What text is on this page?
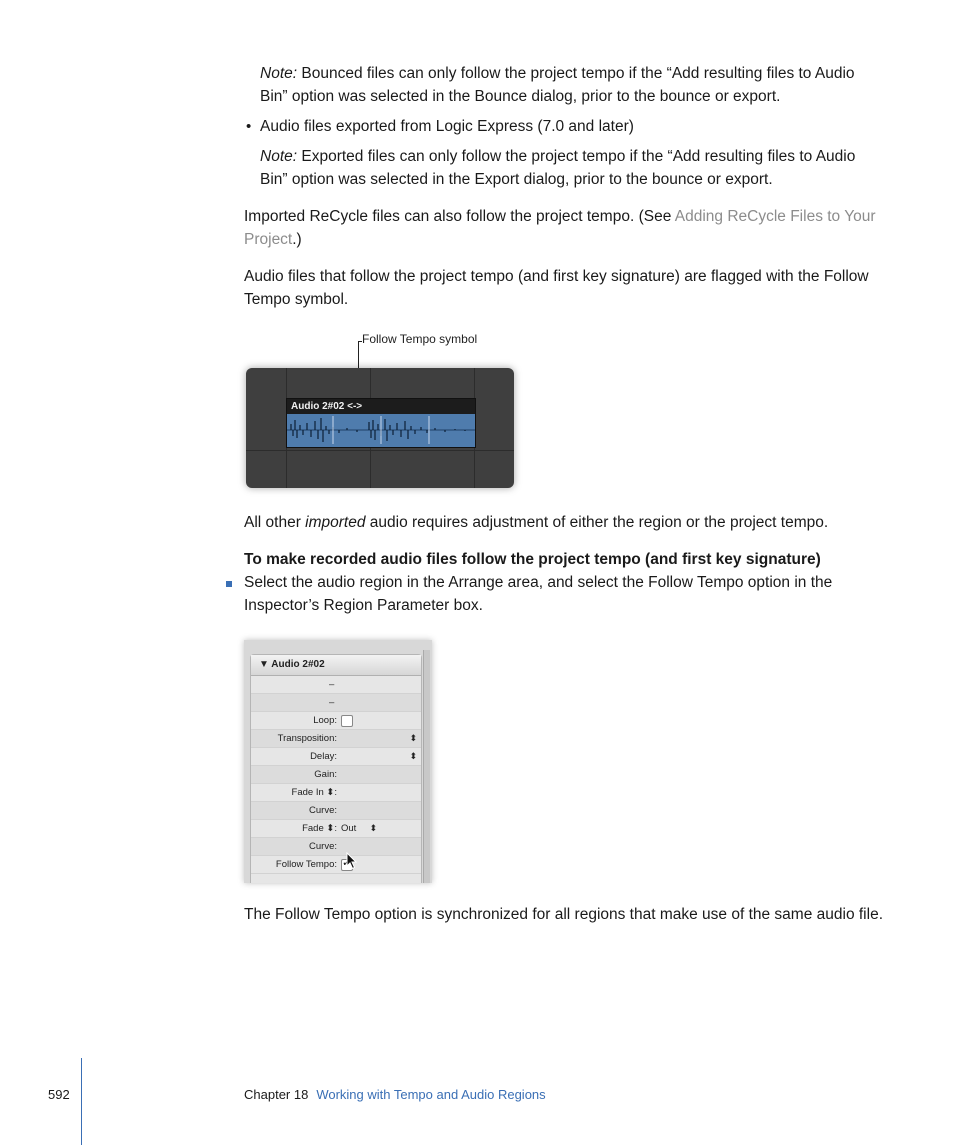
Note: Bounced files can only follow the project tempo if the “Add resulting files to Audio Bin” option was selected in the Bounce dialog, prior to the bounce or export.

• Audio files exported from Logic Express (7.0 and later)

Note: Exported files can only follow the project tempo if the “Add resulting files to Audio Bin” option was selected in the Export dialog, prior to the bounce or export.

Imported ReCycle files can also follow the project tempo. (See Adding ReCycle Files to Your Project.)

Audio files that follow the project tempo (and first key signature) are flagged with the Follow Tempo symbol.

Follow Tempo symbol
Audio 2#02 <->

All other imported audio requires adjustment of either the region or the project tempo.

To make recorded audio files follow the project tempo (and first key signature)

Select the audio region in the Arrange area, and select the Follow Tempo option in the Inspector’s Region Parameter box.

▼ Audio 2#02
–
–
Loop:
Transposition:	⬍
Delay:	⬍
Gain:
Fade In ⬍:
Curve:
Fade ⬍: Out ⬍
Curve:
Follow Tempo:
✓

The Follow Tempo option is synchronized for all regions that make use of the same audio file.

592	Chapter 18 Working with Tempo and Audio Regions
